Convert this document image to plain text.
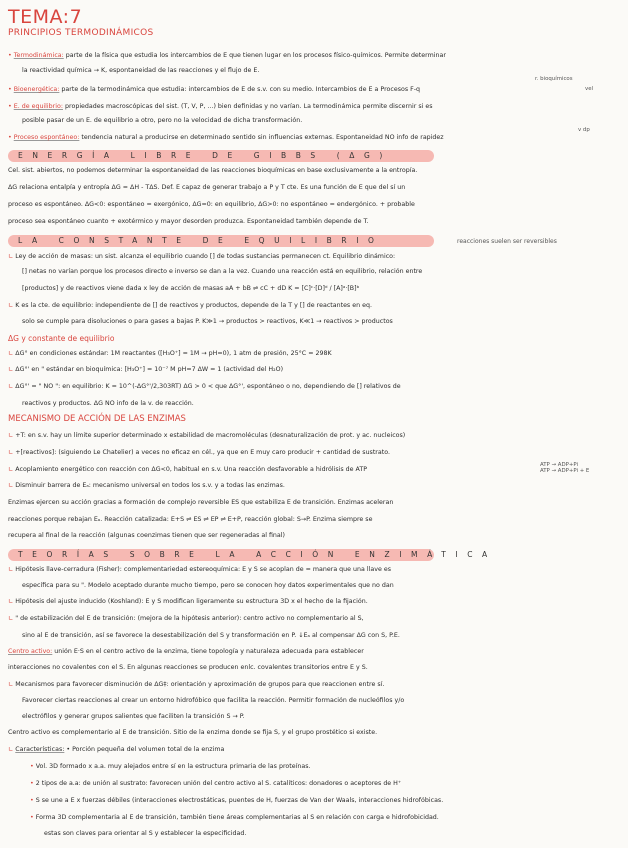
TEMA:7
PRINCIPIOS TERMODINÁMICOS
• Termodinámica: parte de la física que estudia los intercambios de E que tienen lugar en los procesos físico-químicos. Permite determinar
la reactividad química → K, espontaneidad de las reacciones y el flujo de E.
r. bioquímicos
• Bioenergética: parte de la termodinámica que estudia: intercambios de E de s.v. con su medio. Intercambios de E a Procesos F-q	vel
• E. de equilibrio: propiedades macroscópicas del sist. (T, V, P, ...) bien definidas y no varían. La termodinámica permite discernir si es
posible pasar de un E. de equilibrio a otro, pero no la velocidad de dicha transformación.
v dp
• Proceso espontáneo: tendencia natural a producirse en determinado sentido sin influencias externas. Espontaneidad NO info de rapidez
ENERGÍA LIBRE DE GIBBS (ΔG)
Cel. sist. abiertos, no podemos determinar la espontaneidad de las reacciones bioquímicas en base exclusivamente a la entropía.
ΔG relaciona entalpía y entropía ΔG = ΔH - TΔS. Def. E capaz de generar trabajo a P y T cte. Es una función de E que del sí un
proceso es espontáneo. ΔG<0: espontáneo = exergónico, ΔG=0: en equilibrio, ΔG>0: no espontáneo = endergónico. + probable
proceso sea espontáneo cuanto + exotérmico y mayor desorden produzca. Espontaneidad también depende de T.
LA CONSTANTE DE EQUILIBRIO	reacciones suelen ser reversibles
∟ Ley de acción de masas: un sist. alcanza el equilibrio cuando [] de todas sustancias permanecen ct. Equilibrio dinámico:
[] netas no varían porque los procesos directo e inverso se dan a la vez. Cuando una reacción está en equilibrio, relación entre
[productos] y de reactivos viene dada x ley de acción de masas aA + bB ⇌ cC + dD K = [C]ᶜ·[D]ᵈ / [A]ᵃ·[B]ᵇ
∟ K es la cte. de equilibrio: independiente de [] de reactivos y productos, depende de la T y [] de reactantes en eq.
solo se cumple para disoluciones o para gases a bajas P. K≫1 → productos > reactivos, K≪1 → reactivos > productos
ΔG y constante de equilibrio
∟ ΔG° en condiciones estándar: 1M reactantes ([H₃O⁺] = 1M → pH=0), 1 atm de presión, 25°C = 298K
∟ ΔG°' en " estándar en bioquímica: [H₃O⁺] = 10⁻⁷ M pH=7 ΔW = 1 (actividad del H₂O)
∟ ΔG°' = " NO ": en equilibrio: K = 10^(-ΔG°'/2,303RT) ΔG > 0 < que ΔG°', espontáneo o no, dependiendo de [] relativos de
reactivos y productos. ΔG NO info de la v. de reacción.
MECANISMO DE ACCIÓN DE LAS ENZIMAS
∟ +T: en s.v. hay un límite superior determinado x estabilidad de macromoléculas (desnaturalización de prot. y ac. nucleicos)
∟ +[reactivos]: (siguiendo Le Chatelier) a veces no eficaz en cél., ya que en E muy caro producir + cantidad de sustrato.
∟ Acoplamiento energético con reacción con ΔG<0, habitual en s.v. Una reacción desfavorable a hidrólisis de ATP
ATP → ADP+Pi
ATP → ADP+Pi + E
∟ Disminuir barrera de Eₐ: mecanismo universal en todos los s.v. y a todas las enzimas.
Enzimas ejercen su acción gracias a formación de complejo reversible ES que estabiliza E de transición. Enzimas aceleran
reacciones porque rebajan Eₐ. Reacción catalizada: E+S ⇌ ES ⇌ EP ⇌ E+P, reacción global: S→P. Enzima siempre se
recupera al final de la reacción (algunas coenzimas tienen que ser regeneradas al final)
TEORÍAS SOBRE LA ACCIÓN ENZIMÁTICA
∟ Hipótesis llave-cerradura (Fisher): complementariedad estereoquímica: E y S se acoplan de = manera que una llave es
específica para su ". Modelo aceptado durante mucho tiempo, pero se conocen hoy datos experimentales que no dan
∟ Hipótesis del ajuste inducido (Koshland): E y S modifican ligeramente su estructura 3D x el hecho de la fijación.
∟ " de estabilización del E de transición: (mejora de la hipótesis anterior): centro activo no complementario al S,
sino al E de transición, así se favorece la desestabilización del S y transformación en P. ↓Eₐ al compensar ΔG con S, P.E.
Centro activo: unión E·S en el centro activo de la enzima, tiene topología y naturaleza adecuada para establecer
interacciones no covalentes con el S. En algunas reacciones se producen enlc. covalentes transitorios entre E y S.
∟ Mecanismos para favorecer disminución de ΔG‡: orientación y aproximación de grupos para que reaccionen entre sí.
Favorecer ciertas reacciones al crear un entorno hidrofóbico que facilita la reacción. Permitir formación de nucleófilos y/o
electrófilos y generar grupos salientes que faciliten la transición S → P.
Centro activo es complementario al E de transición. Sitio de la enzima donde se fija S, y el grupo prostético si existe.
∟ Características: • Porción pequeña del volumen total de la enzima
• Vol. 3D formado x a.a. muy alejados entre sí en la estructura primaria de las proteínas.
• 2 tipos de a.a: de unión al sustrato: favorecen unión del centro activo al S. catalíticos: donadores o aceptores de H⁺
• S se une a E x fuerzas débiles (interacciones electrostáticas, puentes de H, fuerzas de Van der Waals, interacciones hidrofóbicas.
• Forma 3D complementaria al E de transición, también tiene áreas complementarias al S en relación con carga e hidrofobicidad.
estas son claves para orientar al S y establecer la especificidad.
